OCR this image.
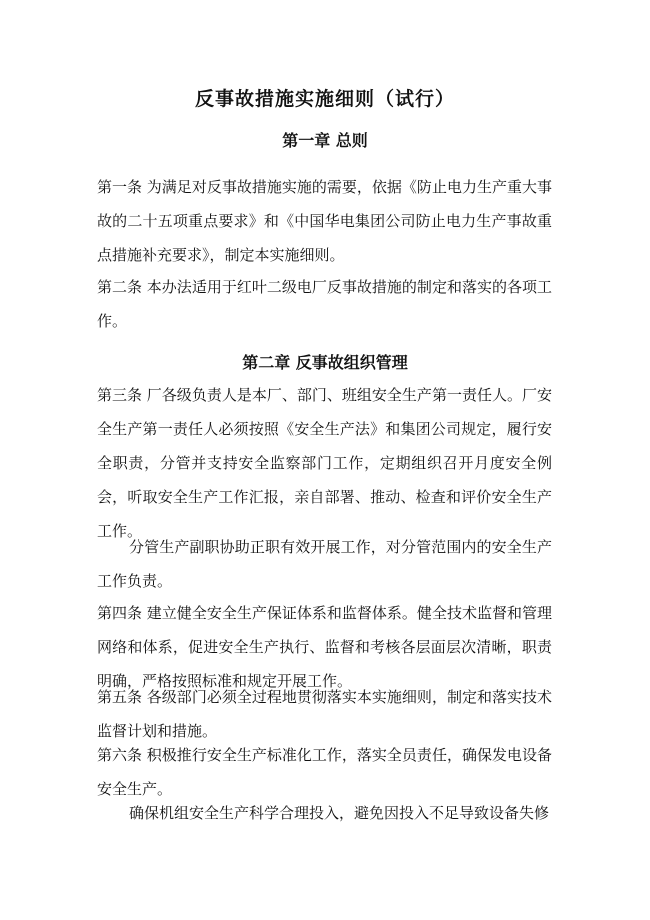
反事故措施实施细则（试行）
第一章 总则

第一条 为满足对反事故措施实施的需要，依据《防止电力生产重大事故的二十五项重点要求》和《中国华电集团公司防止电力生产事故重点措施补充要求》，制定本实施细则。

第二条 本办法适用于红叶二级电厂反事故措施的制定和落实的各项工作。

第二章 反事故组织管理

第三条 厂各级负责人是本厂、部门、班组安全生产第一责任人。厂安全生产第一责任人必须按照《安全生产法》和集团公司规定，履行安全职责，分管并支持安全监察部门工作，定期组织召开月度安全例会，听取安全生产工作汇报，亲自部署、推动、检查和评价安全生产工作。

分管生产副职协助正职有效开展工作，对分管范围内的安全生产工作负责。

第四条 建立健全安全生产保证体系和监督体系。健全技术监督和管理网络和体系，促进安全生产执行、监督和考核各层面层次清晰，职责明确，严格按照标准和规定开展工作。

第五条 各级部门必须全过程地贯彻落实本实施细则，制定和落实技术监督计划和措施。

第六条 积极推行安全生产标准化工作，落实全员责任，确保发电设备安全生产。

确保机组安全生产科学合理投入，避免因投入不足导致设备失修
